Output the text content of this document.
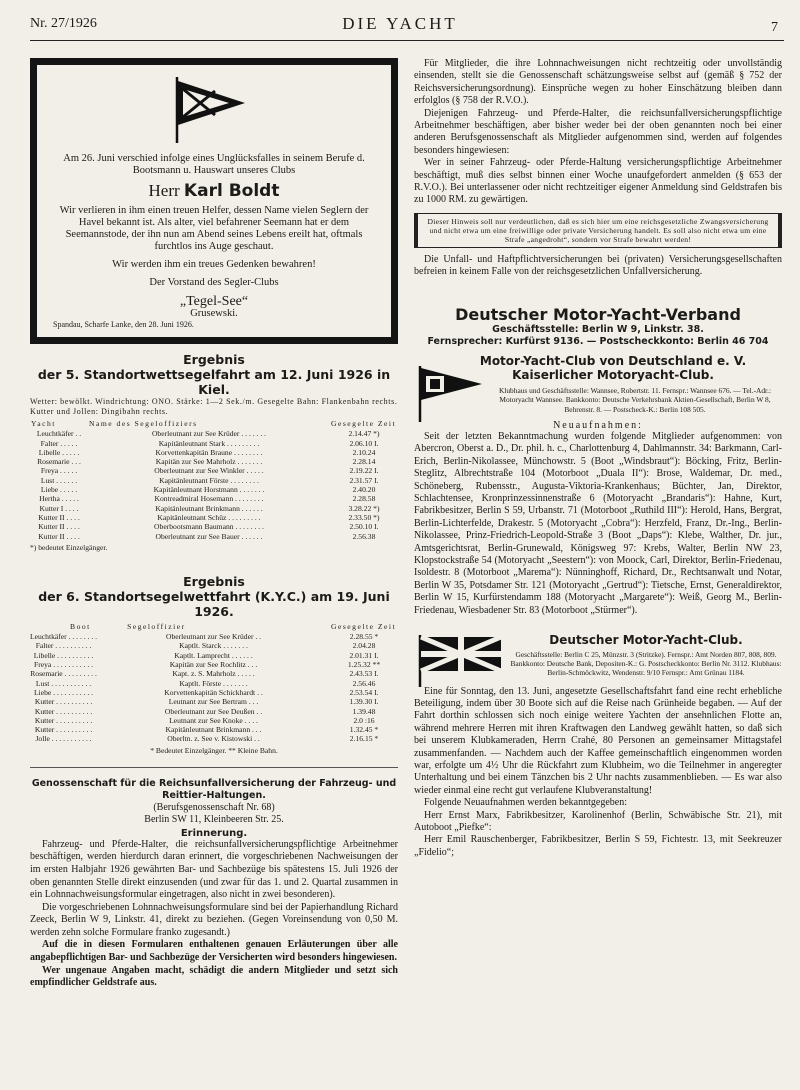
Nr. 27/1926	DIE YACHT	7
Am 26. Juni verschied infolge eines Unglücksfalles in seinem Berufe d. Bootsmann u. Hauswart unseres Clubs
Herr Karl Boldt
Wir verlieren in ihm einen treuen Helfer, dessen Name vielen Seglern der Havel bekannt ist. Als alter, viel befahrener Seemann hat er dem Seemannstode, der ihn nun am Abend seines Lebens ereilt hat, oftmals furchtlos ins Auge geschaut.
Wir werden ihm ein treues Gedenken bewahren!
Der Vorstand des Segler-Clubs
„Tegel-See“
Grusewski.
Spandau, Scharfe Lanke, den 28. Juni 1926.
Ergebnis
der 5. Standortwettsegelfahrt am 12. Juni 1926 in Kiel.
Wetter: bewölkt. Windrichtung: ONO. Stärke: 1—2 Sek./m. Gesegelte Bahn: Flankenbahn rechts. Kutter und Jollen: Dingibahn rechts.
Yacht	Name des Segeloffiziers	Gesegelte Zeit
Leuchtkäfer . .	Oberleutnant zur See Krüder . . . . . . .	2.14.47 *)
Falter . . . . .	Kapitänleutnant Stark . . . . . . . . .	2.06.10 I.
Libelle . . . . .	Korvettenkapitän Braune . . . . . . . .	2.10.24
Rosemarie . . .	Kapitän zur See Mahrholz . . . . . . .	2.28.14
Freya . . . . .	Oberleutnant zur See Winkler . . . . .	2.19.22 I.
Lust . . . . . .	Kapitänleutnant Förste . . . . . . . .	2.31.57 I.
Liebe . . . . .	Kapitänleutnant Horstmann . . . . . . .	2.40.20
Hertha . . . . .	Kontreadmiral Hosemann . . . . . . . .	2.28.58
Kutter I . . . .	Kapitänleutnant Brinkmann . . . . . .	3.28.22 *)
Kutter II . . . .	Kapitänleutnant Schüz . . . . . . . . .	2.33.50 *)
Kutter II . . . .	Oberbootsmann Baumann . . . . . . . .	2.50.10 I.
Kutter II . . . .	Oberleutnant zur See Bauer . . . . . .	2.56.38
*) bedeutet Einzelgänger.
Ergebnis
der 6. Standortsegelwettfahrt (K.Y.C.) am 19. Juni 1926.
Boot	Segeloffizier	Gesegelte Zeit
Leuchtkäfer . . . . . . . .	Oberleutnant zur See Krüder . .	2.28.55 *
Falter . . . . . . . . . .	Kaptlt. Starck . . . . . . .	2.04.28
Libelle . . . . . . . . . .	Kaptlt. Lamprecht . . . . . .	2.01.31 I.
Freya . . . . . . . . . . .	Kapitän zur See Rochlitz . . .	1.25.32 **
Rosemarie . . . . . . . . .	Kapt. z. S. Mahrholz . . . . .	2.43.53 I.
Lust . . . . . . . . . . .	Kaptlt. Förste . . . . . . .	2.56.46
Liebe . . . . . . . . . . .	Korvettenkapitän Schickhardt . .	2.53.54 I.
Kutter . . . . . . . . . .	Leutnant zur See Bertram . . .	1.39.30 I.
Kutter . . . . . . . . . .	Oberleutnant zur See Deußen . .	1.39.48
Kutter . . . . . . . . . .	Leutnant zur See Knoke . . . .	2.0 :16
Kutter . . . . . . . . . .	Kapitänleutnant Brinkmann . . .	1.32.45 *
Jolle . . . . . . . . . . .	Oberltn. z. See v. Kistowski . .	2.16.15 *
* Bedeutet Einzelgänger. ** Kleine Bahn.
Genossenschaft für die Reichsunfallversicherung der Fahrzeug- und Reittier-Haltungen.
(Berufsgenossenschaft Nr. 68)
Berlin SW 11, Kleinbeeren Str. 25.
Erinnerung.

Fahrzeug- und Pferde-Halter, die reichsunfallversicherungspflichtige Arbeitnehmer beschäftigen, werden hierdurch daran erinnert, die vorgeschriebenen Nachweisungen der im ersten Halbjahr 1926 gewährten Bar- und Sachbezüge bis spätestens 15. Juli 1926 der oben genannten Stelle direkt einzusenden (und zwar für das 1. und 2. Quartal zusammen in ein Lohnnachweisungsformular eingetragen, also nicht in zwei besonderen).

Die vorgeschriebenen Lohnnachweisungsformulare sind bei der Papierhandlung Richard Zeeck, Berlin W 9, Linkstr. 41, direkt zu beziehen. (Gegen Voreinsendung von 0,50 M. werden zehn solche Formulare franko zugesandt.)

Auf die in diesen Formularen enthaltenen genauen Erläuterungen über alle angabepflichtigen Bar- und Sachbezüge der Versicherten wird besonders hingewiesen.

Wer ungenaue Angaben macht, schädigt die andern Mitglieder und setzt sich empfindlicher Geldstrafe aus.

Für Mitglieder, die ihre Lohnnachweisungen nicht rechtzeitig oder unvollständig einsenden, stellt sie die Genossenschaft schätzungsweise selbst auf (gemäß § 752 der Reichsversicherungsordnung). Einsprüche wegen zu hoher Einschätzung bleiben dann erfolglos (§ 758 der R.V.O.).

Diejenigen Fahrzeug- und Pferde-Halter, die reichsunfallversicherungspflichtige Arbeitnehmer beschäftigen, aber bisher weder bei der oben genannten noch bei einer anderen Berufsgenossenschaft als Mitglieder aufgenommen sind, werden auf folgendes besonders hingewiesen:

Wer in seiner Fahrzeug- oder Pferde-Haltung versicherungspflichtige Arbeitnehmer beschäftigt, muß dies selbst binnen einer Woche unaufgefordert anmelden (§ 653 der R.V.O.). Bei unterlassener oder nicht rechtzeitiger eigener Anmeldung sind Geldstrafen bis zu 1000 RM. zu gewärtigen.

Dieser Hinweis soll nur verdeutlichen, daß es sich hier um eine reichsgesetzliche Zwangsversicherung und nicht etwa um eine freiwillige oder private Versicherung handelt. Es soll also nicht etwa um eine Strafe „angedroht“, sondern vor Strafe bewahrt werden!

Die Unfall- und Haftpflichtversicherungen bei (privaten) Versicherungsgesellschaften befreien in keinem Falle von der reichsgesetzlichen Unfallversicherung.

Deutscher Motor-Yacht-Verband
Geschäftsstelle: Berlin W 9, Linkstr. 38.
Fernsprecher: Kurfürst 9136. — Postscheckkonto: Berlin 46 704
Motor-Yacht-Club von Deutschland e. V. Kaiserlicher Motoryacht-Club.
Klubhaus und Geschäftsstelle: Wannsee, Robertstr. 11. Fernspr.: Wannsee 676. — Tel.-Adr.: Motoryacht Wannsee. Bankkonto: Deutsche Verkehrsbank Aktien-Gesellschaft, Berlin W 8, Behrenstr. 8. — Postscheck-K.: Berlin 108 505.
Neuaufnahmen:

Seit der letzten Bekanntmachung wurden folgende Mitglieder aufgenommen: von Abercron, Oberst a. D., Dr. phil. h. c., Charlottenburg 4, Dahlmannstr. 34: Barkmann, Carl-Erich, Berlin-Nikolassee, Münchowstr. 5 (Boot „Windsbraut“): Böcking, Fritz, Berlin-Steglitz, Albrechtstraße 104 (Motorboot „Duala II“): Brose, Waldemar, Dr. med., Schöneberg, Rubensstr., Augusta-Viktoria-Krankenhaus; Büchter, Jan, Direktor, Schlachtensee, Kronprinzessinnenstraße 6 (Motoryacht „Brandaris“): Hahne, Kurt, Fabrikbesitzer, Berlin S 59, Urbanstr. 71 (Motorboot „Ruthild III“): Herold, Hans, Bergrat, Berlin-Lichterfelde, Drakestr. 5 (Motoryacht „Cobra“): Herzfeld, Franz, Dr.-Ing., Berlin-Nikolassee, Prinz-Friedrich-Leopold-Straße 3 (Boot „Daps“): Klebe, Walther, Dr. jur., Amtsgerichtsrat, Berlin-Grunewald, Königsweg 97: Krebs, Walter, Berlin NW 23, Klopstockstraße 54 (Motoryacht „Seestern“): von Moock, Carl, Direktor, Berlin-Friedenau, Isoldestr. 8 (Motorboot „Marema“): Nünninghoff, Richard, Dr., Rechtsanwalt und Notar, Berlin W 35, Potsdamer Str. 121 (Motoryacht „Gertrud“): Tietsche, Ernst, Generaldirektor, Berlin W 15, Kurfürstendamm 188 (Motoryacht „Margarete“): Weiß, Georg M., Berlin-Friedenau, Wiesbadener Str. 83 (Motorboot „Stürmer“).

Deutscher Motor-Yacht-Club.
Geschäftsstelle: Berlin C 25, Münzstr. 3 (Stritzke). Fernspr.: Amt Norden 807, 808, 809. Bankkonto: Deutsche Bank, Depositen-K.: G. Postscheckkonto: Berlin Nr. 3112. Klubhaus: Berlin-Schmöckwitz, Wendenstr. 9/10 Fernspr.: Amt Grünau 1184.

Eine für Sonntag, den 13. Juni, angesetzte Gesellschaftsfahrt fand eine recht erhebliche Beteiligung, indem über 30 Boote sich auf die Reise nach Grünheide begaben. — Auf der Fahrt dorthin schlossen sich noch einige weitere Yachten der ansehnlichen Flotte an, während mehrere Herren mit ihren Kraftwagen den Landweg gewählt hatten, so daß sich bei unserem Klubkameraden, Herrn Crahé, 80 Personen an gemeinsamer Mittagstafel zusammenfanden. — Nachdem auch der Kaffee gemeinschaftlich eingenommen worden war, erfolgte um 4½ Uhr die Rückfahrt zum Klubheim, wo die Teilnehmer in angeregter Unterhaltung und bei einem Tänzchen bis 2 Uhr nachts zusammenblieben. — Es war also wieder einmal eine recht gut verlaufene Klubveranstaltung!

Folgende Neuaufnahmen werden bekanntgegeben:

Herr Ernst Marx, Fabrikbesitzer, Karolinenhof (Berlin, Schwäbische Str. 21), mit Autoboot „Piefke“:

Herr Emil Rauschenberger, Fabrikbesitzer, Berlin S 59, Fichtestr. 13, mit Seekreuzer „Fidelio“;
